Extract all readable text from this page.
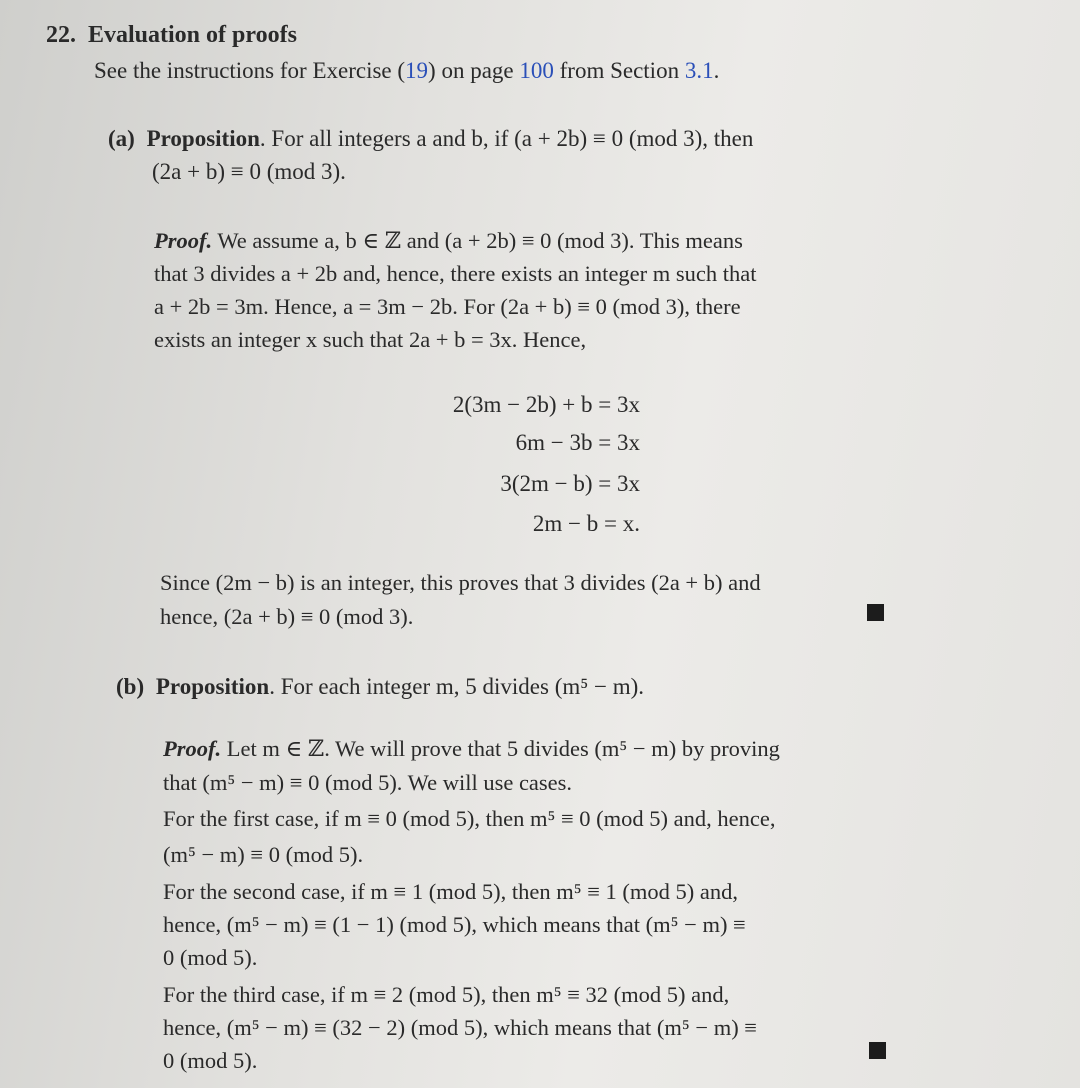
22. Evaluation of proofs
See the instructions for Exercise (19) on page 100 from Section 3.1.
(a) Proposition. For all integers a and b, if (a + 2b) ≡ 0 (mod 3), then
(2a + b) ≡ 0 (mod 3).
Proof. We assume a, b ∈ ℤ and (a + 2b) ≡ 0 (mod 3). This means
that 3 divides a + 2b and, hence, there exists an integer m such that
a + 2b = 3m. Hence, a = 3m − 2b. For (2a + b) ≡ 0 (mod 3), there
exists an integer x such that 2a + b = 3x. Hence,
2(3m − 2b) + b = 3x
6m − 3b = 3x
3(2m − b) = 3x
2m − b = x.
Since (2m − b) is an integer, this proves that 3 divides (2a + b) and
hence, (2a + b) ≡ 0 (mod 3).
(b) Proposition. For each integer m, 5 divides (m⁵ − m).
Proof. Let m ∈ ℤ. We will prove that 5 divides (m⁵ − m) by proving
that (m⁵ − m) ≡ 0 (mod 5). We will use cases.
For the first case, if m ≡ 0 (mod 5), then m⁵ ≡ 0 (mod 5) and, hence,
(m⁵ − m) ≡ 0 (mod 5).
For the second case, if m ≡ 1 (mod 5), then m⁵ ≡ 1 (mod 5) and,
hence, (m⁵ − m) ≡ (1 − 1) (mod 5), which means that (m⁵ − m) ≡
0 (mod 5).
For the third case, if m ≡ 2 (mod 5), then m⁵ ≡ 32 (mod 5) and,
hence, (m⁵ − m) ≡ (32 − 2) (mod 5), which means that (m⁵ − m) ≡
0 (mod 5).
